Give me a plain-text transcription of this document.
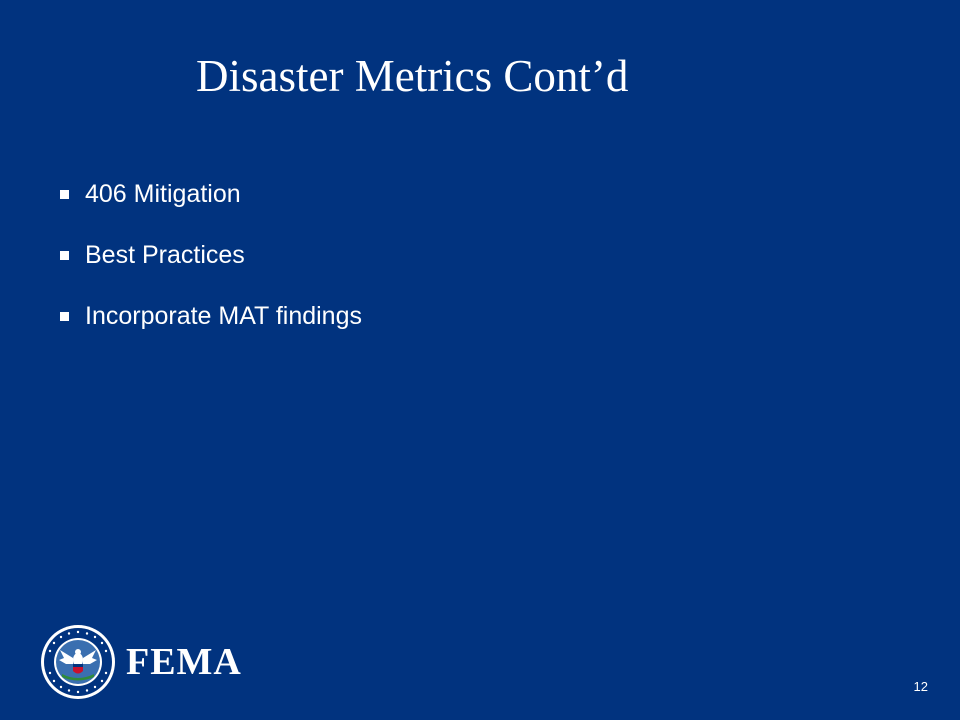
Disaster Metrics Cont’d
406 Mitigation
Best Practices
Incorporate MAT findings
FEMA
12
